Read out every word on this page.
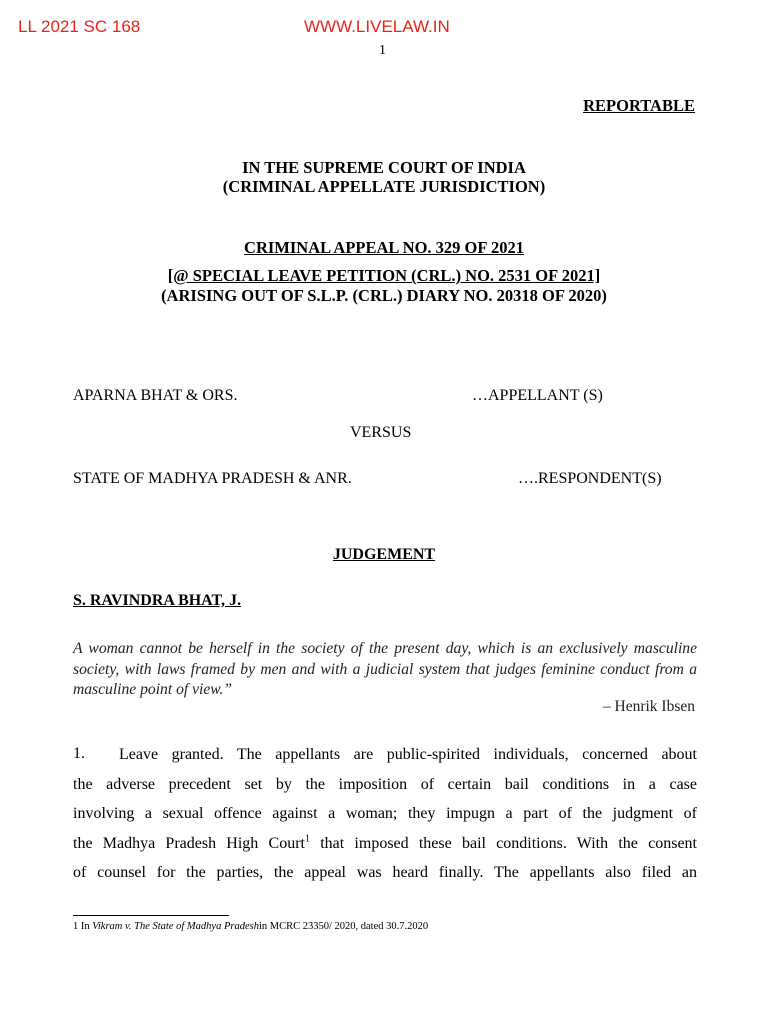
LL 2021 SC 168	WWW.LIVELAW.IN
1
REPORTABLE
IN THE SUPREME COURT OF INDIA
(CRIMINAL APPELLATE JURISDICTION)
CRIMINAL APPEAL NO. 329 OF 2021
[@ SPECIAL LEAVE PETITION (CRL.) NO. 2531 OF 2021]
(ARISING OUT OF S.L.P. (CRL.) DIARY NO. 20318 OF 2020)
APARNA BHAT & ORS.	…APPELLANT (S)
VERSUS
STATE OF MADHYA PRADESH & ANR.	….RESPONDENT(S)
JUDGEMENT
S. RAVINDRA BHAT, J.
A woman cannot be herself in the society of the present day, which is an exclusively masculine society, with laws framed by men and with a judicial system that judges feminine conduct from a masculine point of view.”
– Henrik Ibsen
1. Leave granted. The appellants are public-spirited individuals, concerned about
the adverse precedent set by the imposition of certain bail conditions in a case
involving a sexual offence against a woman; they impugn a part of the judgment of
the Madhya Pradesh High Court$^1$ that imposed these bail conditions. With the consent
of counsel for the parties, the appeal was heard finally. The appellants also filed an
1 In Vikram v. The State of Madhya Pradeshin MCRC 23350/ 2020, dated 30.7.2020
